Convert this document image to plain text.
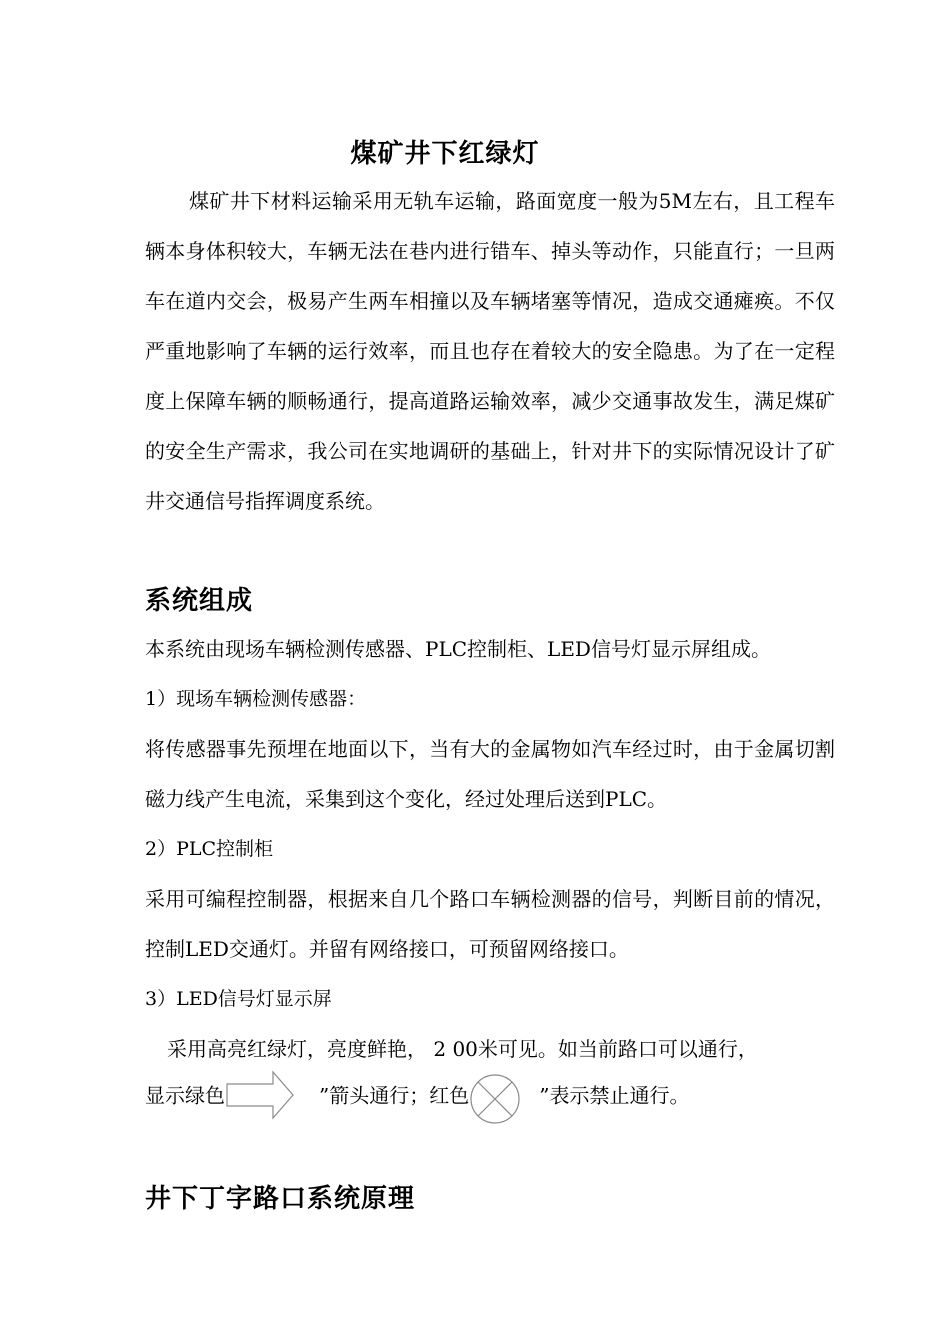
煤矿井下红绿灯
煤矿井下材料运输采用无轨车运输，路面宽度一般为5M左右，且工程车辆本身体积较大，车辆无法在巷内进行错车、掉头等动作，只能直行；一旦两车在道内交会，极易产生两车相撞以及车辆堵塞等情况，造成交通瘫痪。不仅严重地影响了车辆的运行效率，而且也存在着较大的安全隐患。为了在一定程度上保障车辆的顺畅通行，提高道路运输效率，减少交通事故发生，满足煤矿的安全生产需求，我公司在实地调研的基础上，针对井下的实际情况设计了矿井交通信号指挥调度系统。
系统组成
本系统由现场车辆检测传感器、PLC控制柜、LED信号灯显示屏组成。
1）现场车辆检测传感器：
将传感器事先预埋在地面以下，当有大的金属物如汽车经过时，由于金属切割磁力线产生电流，采集到这个变化，经过处理后送到PLC。
2）PLC控制柜
采用可编程控制器，根据来自几个路口车辆检测器的信号，判断目前的情况，控制LED交通灯。并留有网络接口，可预留网络接口。
3）LED信号灯显示屏
采用高亮红绿灯，亮度鲜艳， 2 00米可见。如当前路口可以通行，
显示绿色	”箭头通行；红色	”表示禁止通行。
井下丁字路口系统原理
